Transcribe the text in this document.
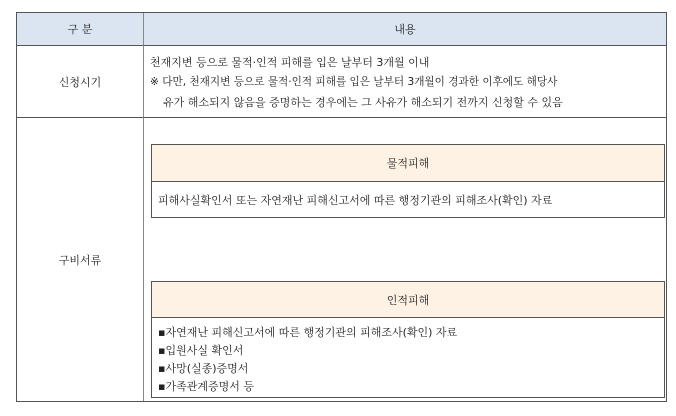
구 분	내용
신청시기
천재지변 등으로 물적·인적 피해를 입은 날부터 3개월 이내
※ 다만, 천재지변 등으로 물적·인적 피해를 입은 날부터 3개월이 경과한 이후에도 해당사
유가 해소되지 않음을 증명하는 경우에는 그 사유가 해소되기 전까지 신청할 수 있음
구비서류
물적피해
피해사실확인서 또는 자연재난 피해신고서에 따른 행정기관의 피해조사(확인) 자료
인적피해
▪자연재난 피해신고서에 따른 행정기관의 피해조사(확인) 자료
▪입원사실 확인서
▪사망(실종)증명서
▪가족관계증명서 등
